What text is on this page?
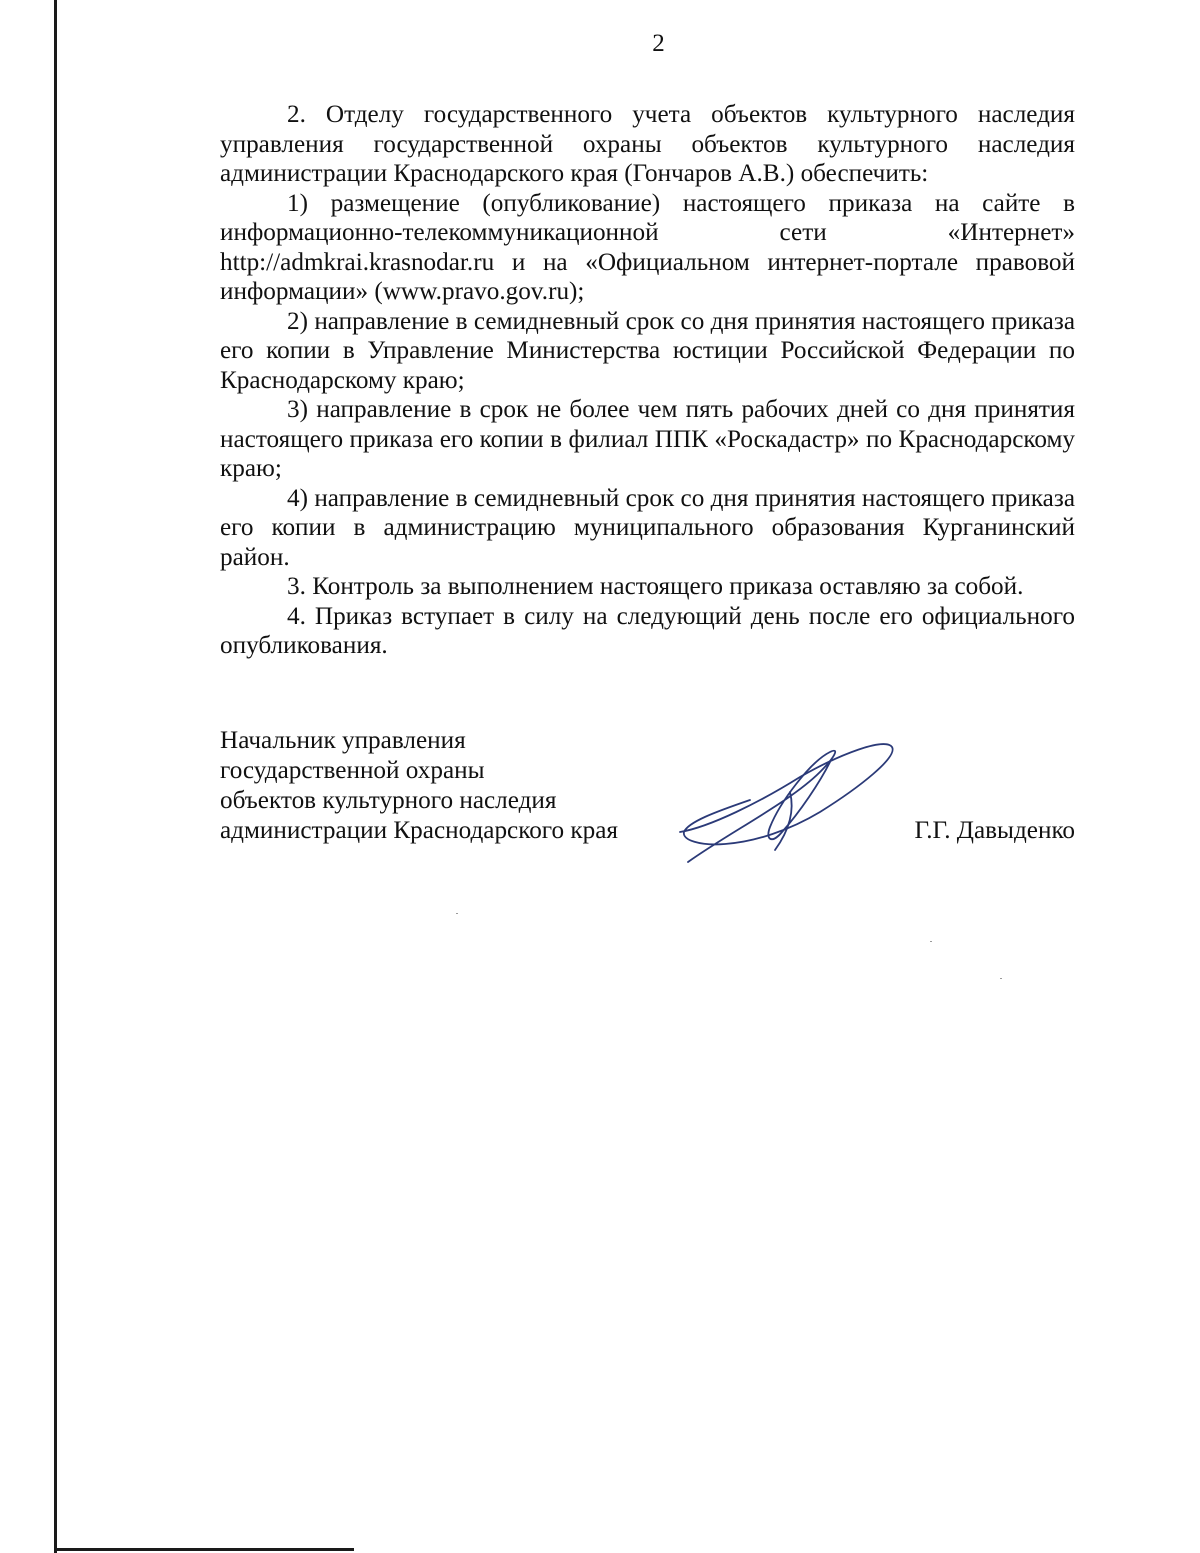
2

2. Отделу государственного учета объектов культурного наследия управления государственной охраны объектов культурного наследия администрации Краснодарского края (Гончаров А.В.) обеспечить:

1) размещение (опубликование) настоящего приказа на сайте в информационно-телекоммуникационной сети «Интернет» http://admkrai.krasnodar.ru и на «Официальном интернет-портале правовой информации» (www.pravo.gov.ru);

2) направление в семидневный срок со дня принятия настоящего приказа его копии в Управление Министерства юстиции Российской Федерации по Краснодарскому краю;

3) направление в срок не более чем пять рабочих дней со дня принятия настоящего приказа его копии в филиал ППК «Роскадастр» по Краснодарскому краю;

4) направление в семидневный срок со дня принятия настоящего приказа его копии в администрацию муниципального образования Курганинский район.

3. Контроль за выполнением настоящего приказа оставляю за собой.

4. Приказ вступает в силу на следующий день после его официального опубликования.

Начальник управления
государственной охраны
объектов культурного наследия
администрации Краснодарского края	Г.Г. Давыденко
